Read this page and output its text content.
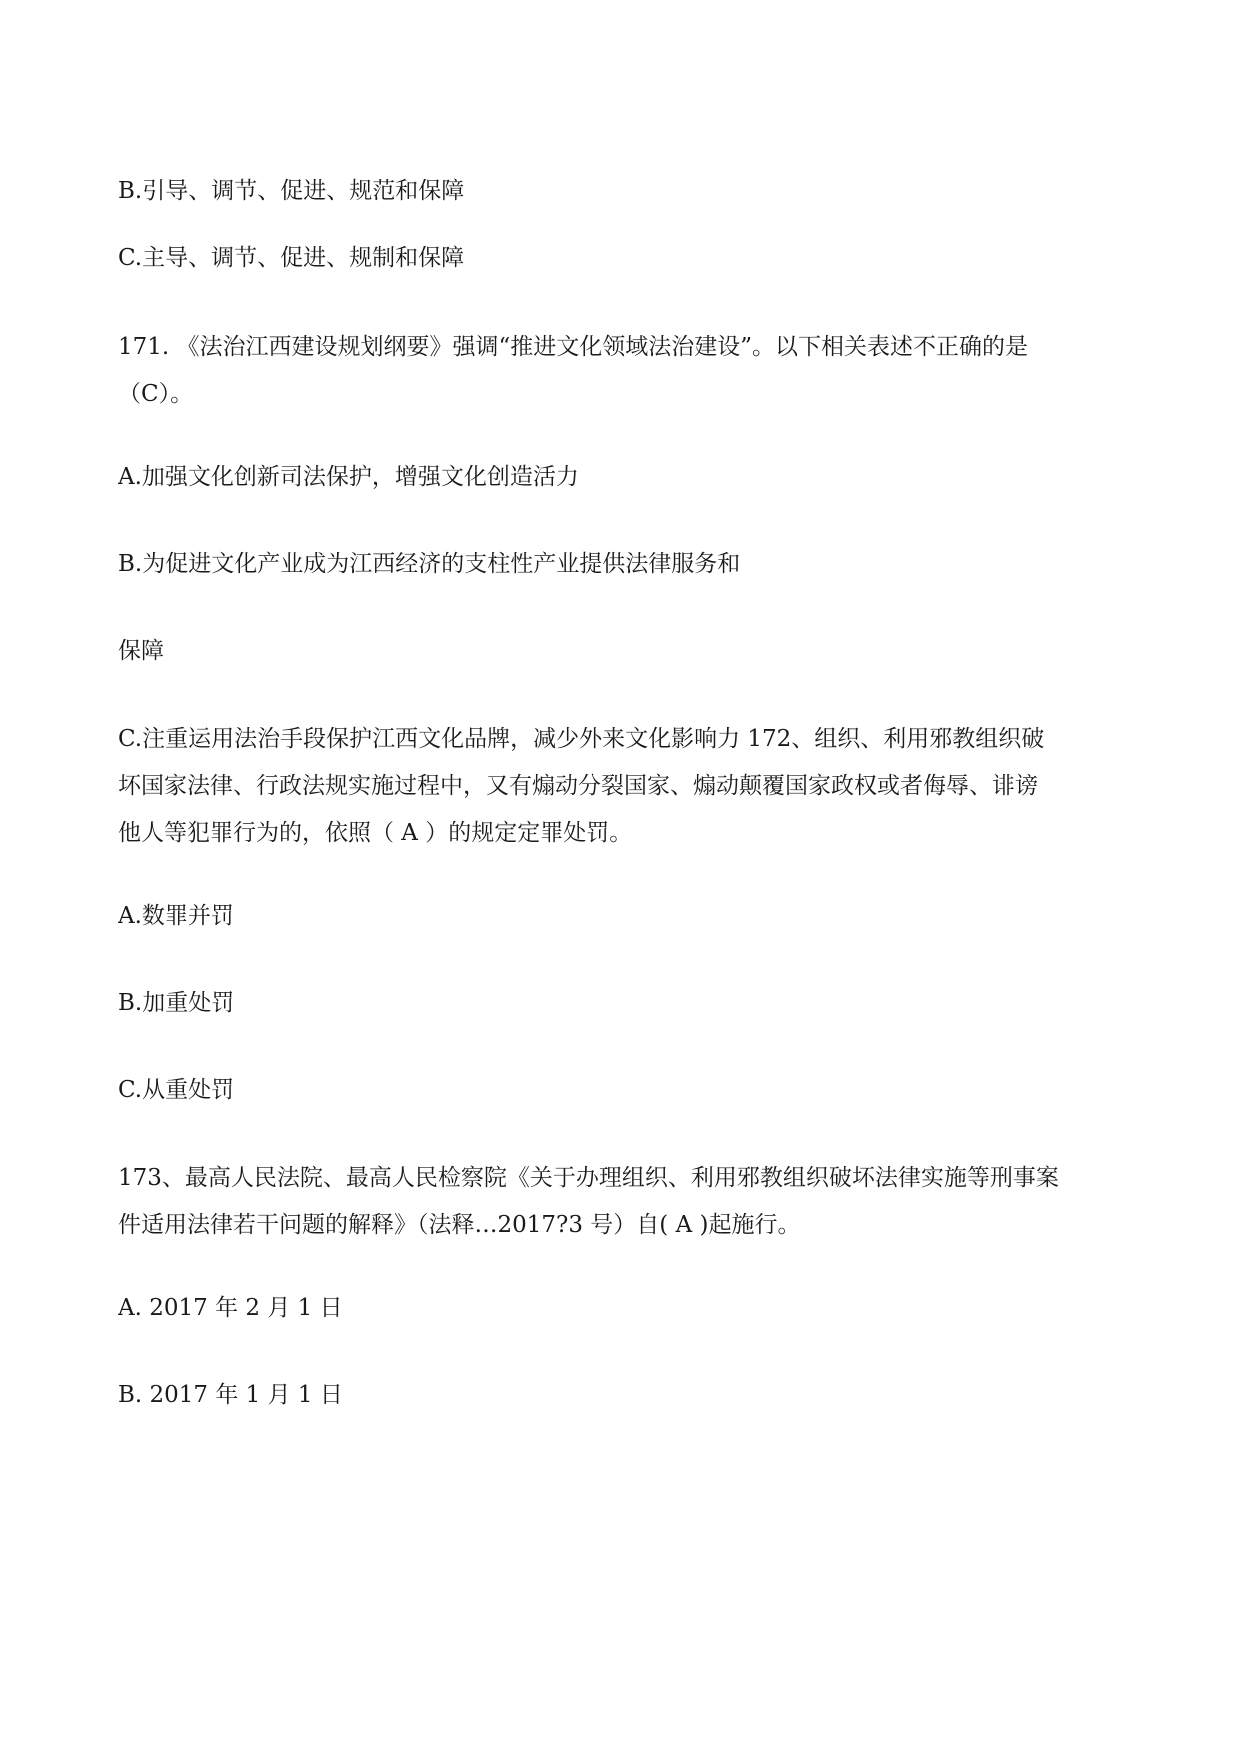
B.引导、调节、促进、规范和保障

C.主导、调节、促进、规制和保障

171. 《法治江西建设规划纲要》强调“推进文化领域法治建设”。以下相关表述不正确的是

（C）。

A.加强文化创新司法保护，增强文化创造活力

B.为促进文化产业成为江西经济的支柱性产业提供法律服务和

保障

C.注重运用法治手段保护江西文化品牌，减少外来文化影响力 172、组织、利用邪教组织破

坏国家法律、行政法规实施过程中，又有煽动分裂国家、煽动颠覆国家政权或者侮辱、诽谤

他人等犯罪行为的，依照（ A ）的规定定罪处罚。

A.数罪并罚

B.加重处罚

C.从重处罚

173、最高人民法院、最高人民检察院《关于办理组织、利用邪教组织破坏法律实施等刑事案

件适用法律若干问题的解释》（法释…2017?3 号）自( A )起施行。

A. 2017 年 2 月 1 日

B. 2017 年 1 月 1 日
